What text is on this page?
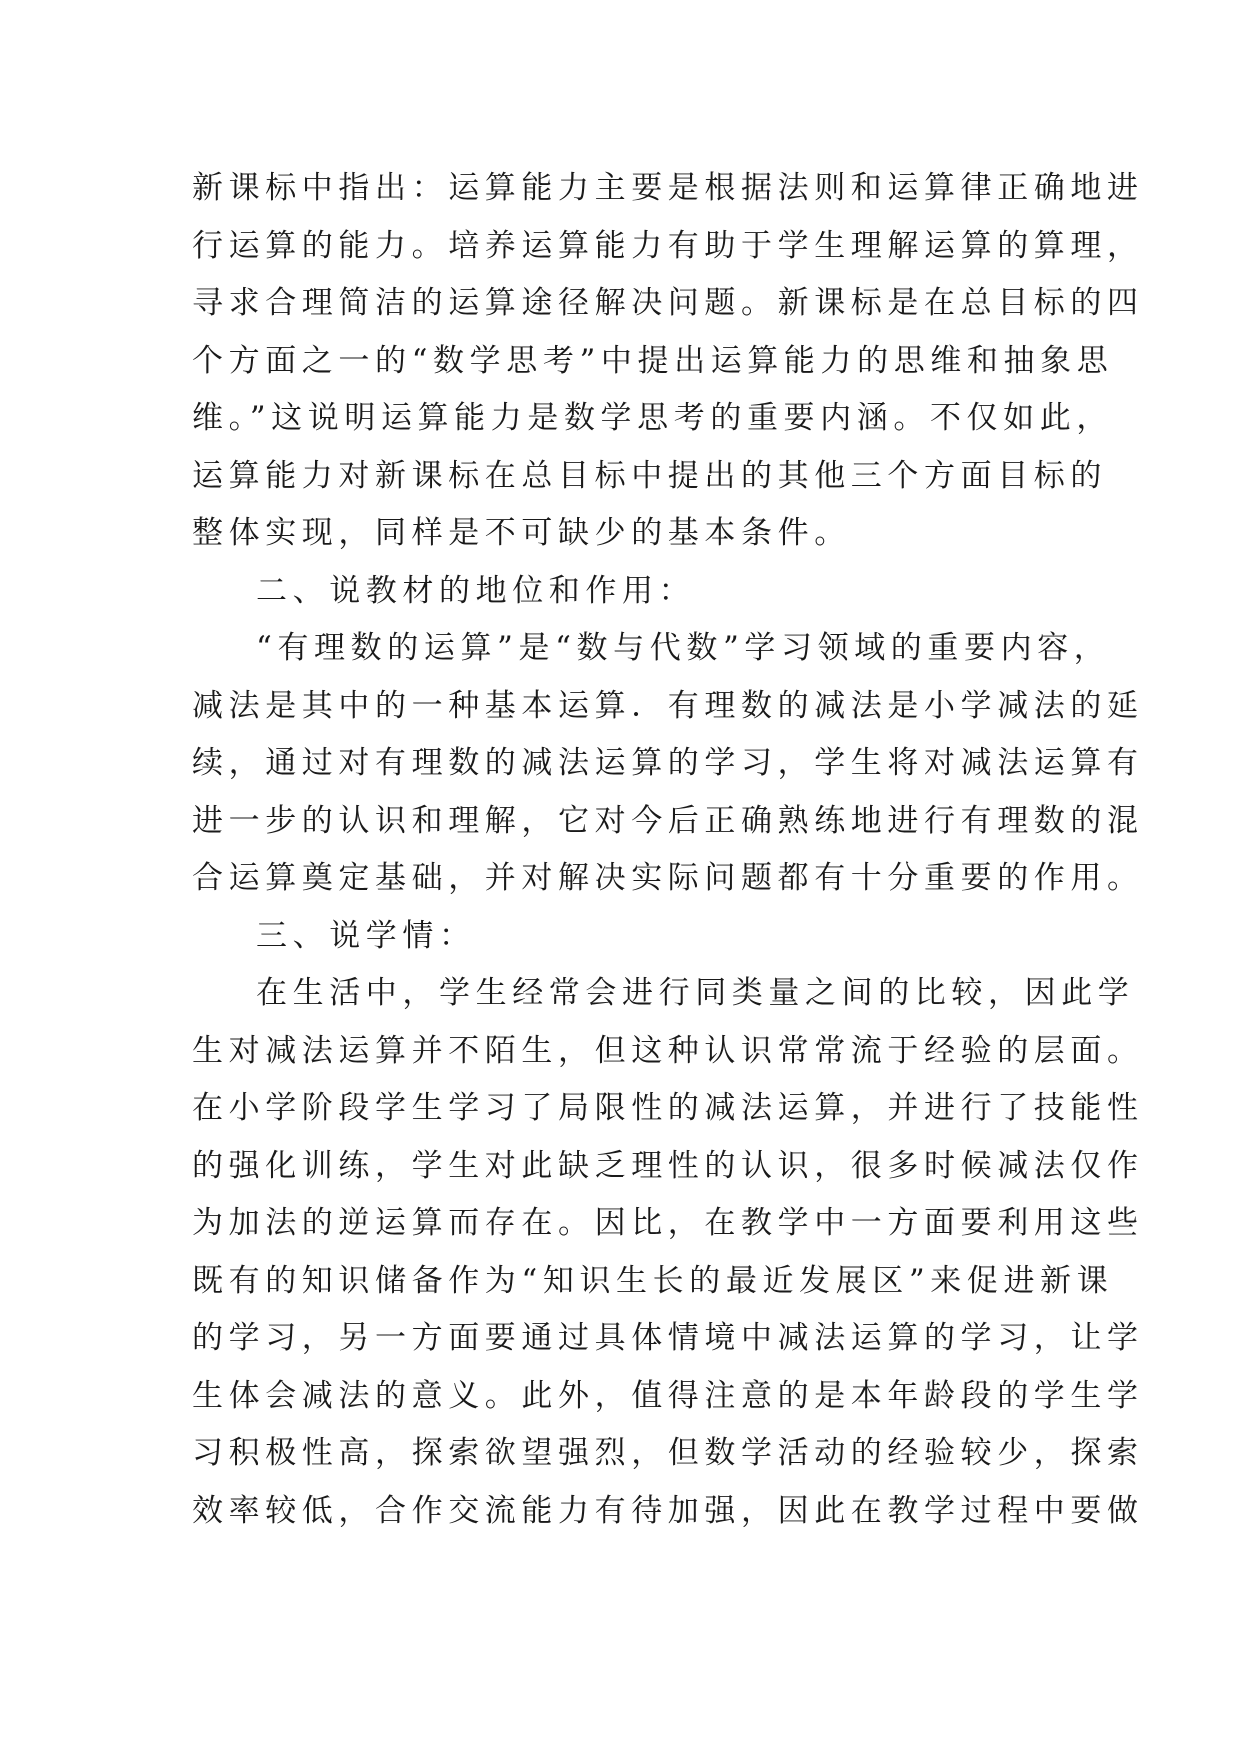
新课标中指出：运算能力主要是根据法则和运算律正确地进
行运算的能力。培养运算能力有助于学生理解运算的算理，
寻求合理简洁的运算途径解决问题。新课标是在总目标的四
个方面之一的“数学思考”中提出运算能力的思维和抽象思
维。”这说明运算能力是数学思考的重要内涵。不仅如此，
运算能力对新课标在总目标中提出的其他三个方面目标的
整体实现，同样是不可缺少的基本条件。
二、说教材的地位和作用：
“有理数的运算”是“数与代数”学习领域的重要内容，
减法是其中的一种基本运算．有理数的减法是小学减法的延
续，通过对有理数的减法运算的学习，学生将对减法运算有
进一步的认识和理解，它对今后正确熟练地进行有理数的混
合运算奠定基础，并对解决实际问题都有十分重要的作用。
三、说学情：
在生活中，学生经常会进行同类量之间的比较，因此学
生对减法运算并不陌生，但这种认识常常流于经验的层面。
在小学阶段学生学习了局限性的减法运算，并进行了技能性
的强化训练，学生对此缺乏理性的认识，很多时候减法仅作
为加法的逆运算而存在。因比，在教学中一方面要利用这些
既有的知识储备作为“知识生长的最近发展区”来促进新课
的学习，另一方面要通过具体情境中减法运算的学习，让学
生体会减法的意义。此外，值得注意的是本年龄段的学生学
习积极性高，探索欲望强烈，但数学活动的经验较少，探索
效率较低，合作交流能力有待加强，因此在教学过程中要做
